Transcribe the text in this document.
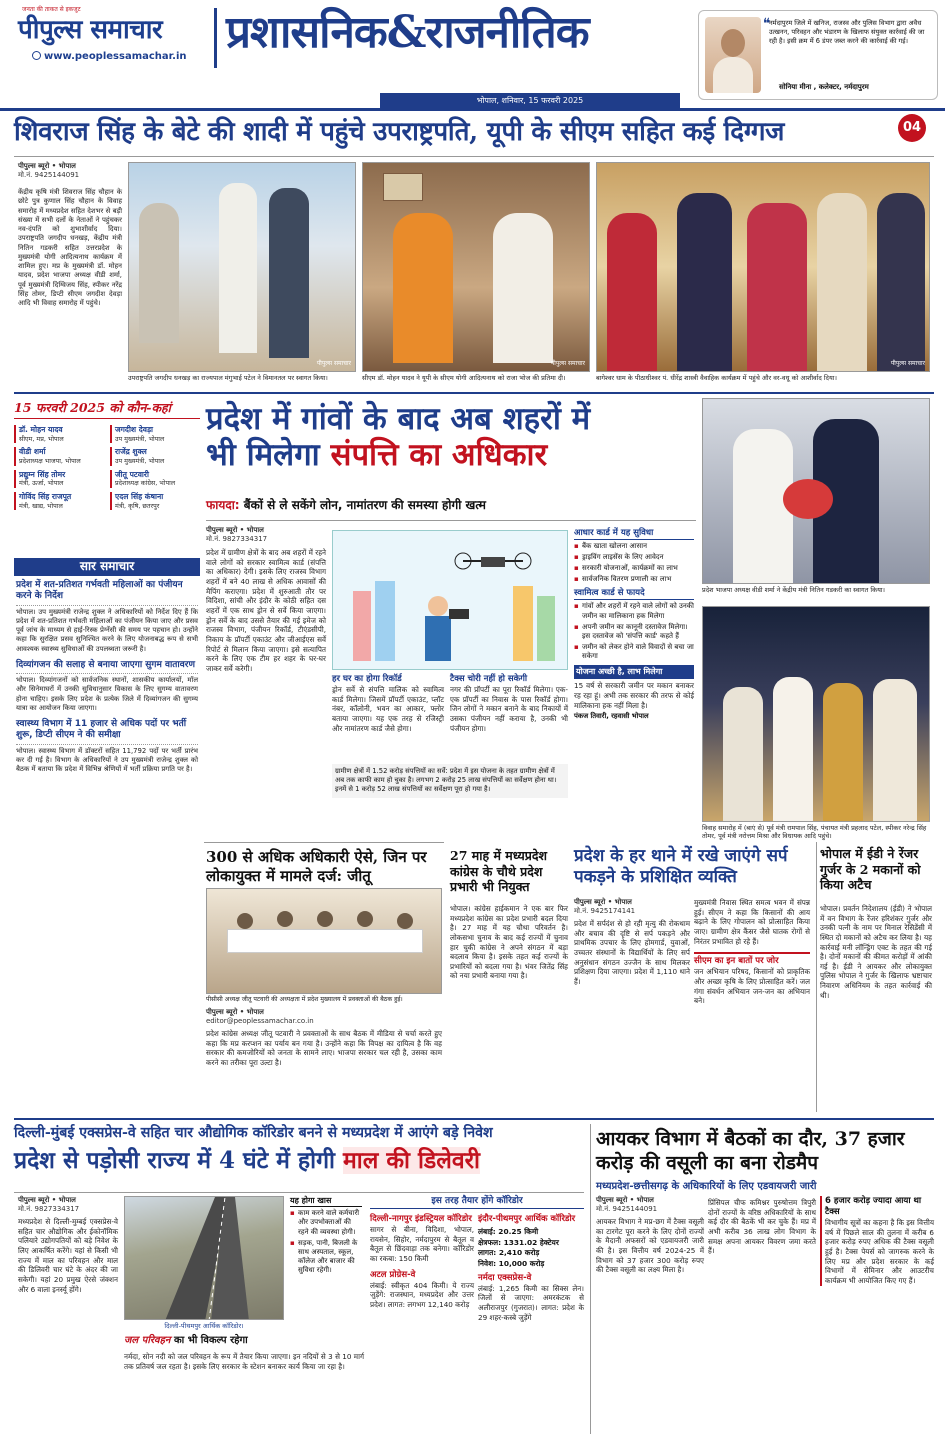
जनता की ताकत से इकजुट
पीपुल्स समाचार
www.peoplessamachar.in प्रशासनिक&राजनीतिक
भोपाल, शनिवार, 15 फरवरी 2025
04
❝
नर्मदापुरम जिले में खनिज, राजस्व और पुलिस विभाग द्वारा अवैध उत्खनन, परिवहन और भंडारण के खिलाफ संयुक्त कार्रवाई की जा रही है। इसी क्रम में 6 डंपर जब्त करने की कार्रवाई की गई।
सोनिया मीना , कलेक्टर, नर्मदापुरम
शिवराज सिंह के बेटे की शादी में पहुंचे उपराष्ट्रपति, यूपी के सीएम सहित कई दिग्गज
पीपुल्स ब्यूरो • भोपाल
मो.नं. 9425144091
केंद्रीय कृषि मंत्री शिवराज सिंह चौहान के छोटे पुत्र कुणाल सिंह चौहान के विवाह समारोह में मध्यप्रदेश सहित देशभर से बड़ी संख्या में सभी दलों के नेताओं ने पहुंचकर नव-दंपति को शुभाशीर्वाद दिया। उपराष्ट्रपति जगदीप धनखड़, केंद्रीय मंत्री नितिन गडकरी सहित उत्तरप्रदेश के मुख्यमंत्री योगी आदित्यनाथ कार्यक्रम में शामिल हुए। मप्र के मुख्यमंत्री डॉ. मोहन यादव, प्रदेश भाजपा अध्यक्ष वीडी शर्मा, पूर्व मुख्यमंत्री दिग्विजय सिंह, स्पीकर नरेंद्र सिंह तोमर, डिप्टी सीएम जगदीश देवड़ा आदि भी विवाह समारोह में पहुंचे।
पीपुल्स समाचार	पीपुल्स समाचार	पीपुल्स समाचार
उपराष्ट्रपति जगदीप धनखड़ का राज्यपाल मंगुभाई पटेल ने विमानतल पर स्वागत किया।	सीएम डॉ. मोहन यादव ने यूपी के सीएम योगी आदित्यनाथ को राजा भोज की प्रतिमा दी।	बागेश्वर धाम के पीठाधीश्वर पं. धीरेंद्र शास्त्री वैवाहिक कार्यक्रम में पहुंचे और वर-वधू को आशीर्वाद दिया।
15 फरवरी 2025 को कौन-कहां
डॉ. मोहन यादव
सीएम, मप्र, भोपाल
जगदीश देवड़ा
उप मुख्यमंत्री, भोपाल
वीडी शर्मा
प्रदेशाध्यक्ष भाजपा, भोपाल
राजेंद्र शुक्ल
उप मुख्यमंत्री, भोपाल
प्रद्युम्न सिंह तोमर
मंत्री, ऊर्जा, भोपाल
जीतू पटवारी
प्रदेशाध्यक्ष कांग्रेस, भोपाल
गोविंद सिंह राजपूत
मंत्री, खाद्य, भोपाल
एदल सिंह कंषाना
मंत्री, कृषि, छतरपुर
प्रदेश में गांवों के बाद अब शहरों में
भी मिलेगा संपत्ति का अधिकार
फायदा: बैंकों से ले सकेंगे लोन, नामांतरण की समस्या होगी खत्म
पीपुल्स ब्यूरो • भोपाल
मो.नं. 9827334317
प्रदेश में ग्रामीण क्षेत्रों के बाद अब शहरों में रहने वाले लोगों को सरकार स्वामित्व कार्ड (संपत्ति का अधिकार) देगी। इसके लिए राजस्व विभाग शहरों में बने 40 लाख से अधिक आवासों की मैपिंग कराएगा। प्रदेश में शुरुआती तौर पर विदिशा, सांची और इंदौर के कोठी सहित दस शहरों में एक साथ ड्रोन से सर्वे किया जाएगा। ड्रोन सर्वे के बाद उससे तैयार की गई इमेज को राजस्व विभाग, पंजीयन रिकॉर्ड, टीएंडसीपी, निकाय के प्रॉपर्टी एकाउंट और जीआईएस सर्वे रिपोर्ट से मिलान किया जाएगा। इसे सत्यापित करने के लिए एक टीम हर शहर के घर-घर जाकर सर्वे करेगी।
हर घर का होगा रिकॉर्ड
ड्रोन सर्वे से संपत्ति मालिक को स्वामित्व कार्ड मिलेगा। जिसमें प्रॉपर्टी एकाउंट, प्लॉट नंबर, कॉलोनी, भवन का आकार, फ्लोर बताया जाएगा। यह एक तरह से रजिस्ट्री और नामांतरण कार्ड जैसे होगा।
टैक्स चोरी नहीं हो सकेगी
नगर की प्रॉपर्टी का पूरा रिकॉर्ड मिलेगा। एक-एक प्रॉपर्टी का निवास के पास रिकॉर्ड होगा। जिन लोगों ने मकान बनाने के बाद निकायों में उसका पंजीयन नहीं कराया है, उनकी भी पंजीयन होगा।
ग्रामीण क्षेत्रों में 1.52 करोड़ संपत्तियों का सर्वे: प्रदेश में इस योजना के तहत ग्रामीण क्षेत्रों में अब तक काफी काम हो चुका है। लगभग 2 करोड़ 25 लाख संपत्तियों का सर्वेक्षण होना था। इनमें से 1 करोड़ 52 लाख संपत्तियों का सर्वेक्षण पूरा हो गया है।
आधार कार्ड में यह सुविधा
▪ बैंक खाता खोलना आसान
▪ ड्राइविंग लाइसेंस के लिए आवेदन
▪ सरकारी योजनाओं, कार्यक्रमों का लाभ
▪ सार्वजनिक वितरण प्रणाली का लाभ
स्वामित्व कार्ड से फायदे
▪ गांवों और शहरों में रहने वाले लोगों को उनकी जमीन का मालिकाना हक मिलेगा
▪ अपनी जमीन का कानूनी दस्तावेज मिलेगा। इस दस्तावेज को 'संपत्ति कार्ड' कहते हैं
▪ जमीन को लेकर होने वाले विवादों से बचा जा सकेगा
योजना अच्छी है, लाभ मिलेगा
15 वर्ष से सरकारी जमीन पर मकान बनाकर रह रहा हूं। अभी तक सरकार की तरफ से कोई मालिकाना हक नहीं मिला है।
पंकज तिवारी, रहवासी भोपाल
प्रदेश भाजपा अध्यक्ष वीडी शर्मा ने केंद्रीय मंत्री नितिन गडकरी का स्वागत किया।
विवाह समारोह में (बाएं से) पूर्व मंत्री रामपाल सिंह, पंचायत मंत्री प्रहलाद पटेल, स्पीकर नरेन्द्र सिंह तोमर, पूर्व मंत्री नरोत्तम मिश्रा और विधायक आदि पहुंचे।
सार समाचार
प्रदेश में शत-प्रतिशत गर्भवती महिलाओं का पंजीयन करने के निर्देश
भोपाल। उप मुख्यमंत्री राजेन्द्र शुक्ल ने अधिकारियों को निर्देश दिए हैं कि प्रदेश में शत-प्रतिशत गर्भवती महिलाओं का पंजीयन किया जाए और प्रसव पूर्व जांच के माध्यम से हाई-रिस्क प्रेग्नेंसी की समय पर पहचान हो। उन्होंने कहा कि सुरक्षित प्रसव सुनिश्चित करने के लिए योजनाबद्ध रूप से सभी आवश्यक स्वास्थ्य सुविधाओं की उपलब्धता जरूरी है।
दिव्यांगजन की सलाह से बनाया जाएगा सुगम वातावरण
भोपाल। दिव्यांगजनों को सार्वजनिक स्थानों, शासकीय कार्यालयों, मॉल और सिनेमाघरों में उनकी सुविधानुसार विकास के लिए सुगम्य वातावरण होना चाहिए। इसके लिए प्रदेश के प्रत्येक जिले में दिव्यांगजन की सुगम्य यात्रा का आयोजन किया जाएगा।
स्वास्थ्य विभाग में 11 हजार से अधिक पदों पर भर्ती शुरू, डिप्टी सीएम ने की समीक्षा
भोपाल। स्वास्थ्य विभाग में डॉक्टरों सहित 11,792 पदों पर भर्ती प्रारंभ कर दी गई है। विभाग के अधिकारियों ने उप मुख्यमंत्री राजेन्द्र शुक्ल को बैठक में बताया कि प्रदेश में विभिन्न श्रेणियों में भर्ती प्रक्रिया प्रगति पर है।
300 से अधिक अधिकारी ऐसे, जिन पर लोकायुक्त में मामले दर्ज: जीतू
पीसीसी अध्यक्ष जीतू पटवारी की अध्यक्षता में प्रदेश मुख्यालय में प्रवक्ताओं की बैठक हुई।
पीपुल्स ब्यूरो • भोपाल
editor@peoplessamachar.co.in
प्रदेश कांग्रेस अध्यक्ष जीतू पटवारी ने प्रवक्ताओं के साथ बैठक में मीडिया से चर्चा करते हुए कहा कि मप्र करप्शन का पर्याय बन गया है। उन्होंने कहा कि विपक्ष का दायित्व है कि वह सरकार की कमजोरियों को जनता के सामने लाए। भाजपा सरकार चल रही है, उसका काम करने का तरीका पूरा उल्टा है।
27 माह में मध्यप्रदेश कांग्रेस के चौथे प्रदेश प्रभारी भी नियुक्त
भोपाल। कांग्रेस हाईकमान ने एक बार फिर मध्यप्रदेश कांग्रेस का प्रदेश प्रभारी बदल दिया है। 27 माह में यह चौथा परिवर्तन है। लोकसभा चुनाव के बाद कई राज्यों में चुनाव हार चुकी कांग्रेस ने अपने संगठन में बड़ा बदलाव किया है। इसके तहत कई राज्यों के प्रभारियों को बदला गया है। भंवर जितेंद्र सिंह को नया प्रभारी बनाया गया है।
प्रदेश के हर थाने में रखे जाएंगे सर्प पकड़ने के प्रशिक्षित व्यक्ति
पीपुल्स ब्यूरो • भोपाल
मो.नं. 9425174141
प्रदेश में सर्पदंश से हो रही मृत्यु की रोकथाम और बचाव की दृष्टि से सर्प पकड़ने और प्राथमिक उपचार के लिए होमगार्ड, युवाओं, उच्चतर संस्थानों के विद्यार्थियों के लिए सर्प अनुसंधान संगठन उज्जैन के साथ मिलकर प्रशिक्षण दिया जाएगा। प्रदेश में 1,110 थाने हैं।
मुख्यमंत्री निवास स्थित समत्व भवन में संपन्न हुई। सीएम ने कहा कि किसानों की आय बढ़ाने के लिए गोपालन को प्रोत्साहित किया जाए। ग्रामीण क्षेत्र कैंसर जैसे घातक रोगों से निरंतर प्रभावित हो रहे हैं।
सीएम का इन बातों पर जोर
जन अभियान परिषद, किसानों को प्राकृतिक और अच्छा कृषि के लिए प्रोत्साहित करें। जल गंगा संवर्धन अभियान जन-जन का अभियान बने।
भोपाल में ईडी ने रेंजर गुर्जर के 2 मकानों को किया अटैच
भोपाल। प्रवर्तन निदेशालय (ईडी) ने भोपाल में वन विभाग के रेंजर हरिशंकर गुर्जर और उनकी पत्नी के नाम पर मिनाल रेसिडेंसी में स्थित दो मकानों को अटैच कर लिया है। यह कार्रवाई मनी लॉन्ड्रिंग एक्ट के तहत की गई है। दोनों मकानों की कीमत करोड़ों में आंकी गई है। ईडी ने आयकर और लोकायुक्त पुलिस भोपाल ने गुर्जर के खिलाफ भ्रष्टाचार निवारण अधिनियम के तहत कार्रवाई की थी।
दिल्ली-मुंबई एक्सप्रेस-वे सहित चार औद्योगिक कॉरिडोर बनने से मध्यप्रदेश में आएंगे बड़े निवेश
प्रदेश से पड़ोसी राज्य में 4 घंटे में होगी माल की डिलेवरी
पीपुल्स ब्यूरो • भोपाल
मो.नं. 9827334317
मध्यप्रदेश से दिल्ली-मुम्बई एक्सप्रेस-वे सहित चार औद्योगिक और ईकोनॉमिक पलियारे उद्योगपतियों को बड़े निवेश के लिए आकर्षित करेंगे। यहां से किसी भी राज्य में माल का परिवहन और माल की डिलिवरी चार घंटे के अंदर की जा सकेगी। यहां 20 प्रमुख ऐरसे जंक्शन और 6 वाला इनर्स्यू होंगे।
दिल्ली-पीथमपुर आर्थिक कॉरिडोर।
यह होगा खास
▪ काम करने वाले कर्मचारी और उपभोक्ताओं की रहने की व्यवस्था होगी।
▪ सड़क, पानी, बिजली के साथ अस्पताल, स्कूल, कॉलेज और बाजार की सुविधा रहेगी।
जल परिवहन का भी विकल्प रहेगा
नर्मदा, सोन नदी को जल परिवहन के रूप में तैयार किया जाएगा। इन नदियों से 3 से 10 मार्ग तक प्रतिवर्ष जल रहता है। इसके लिए सरकार के स्टेशन बनाकर कार्य किया जा रहा है।
इस तरह तैयार होंगे कॉरिडोर
दिल्ली-नागपुर इंडस्ट्रियल कॉरिडोर
सागर से बीना, विदिशा, भोपाल, रायसेन, सिहोर, नर्मदापुरम से बैतूल व बैतूल से छिंदवाड़ा तक बनेगा। कॉरिडोर का रकबा: 150 किमी
अटल प्रोग्रेस-वे
लंबाई: स्वीकृत 404 किमी। ये राज्य जुड़ेंगे: राजस्थान, मध्यप्रदेश और उत्तर प्रदेश। लागत: लगभग 12,140 करोड़
इंदौर-पीथमपुर आर्थिक कॉरिडोर
लंबाई: 20.25 किमी
क्षेत्रफल: 1331.02 हेक्टेयर
लागत: 2,410 करोड़
निवेश: 10,000 करोड़
नर्मदा एक्सप्रेस-वे
लंबाई: 1,265 किमी का सिक्स लेन। जिलों से जाएगा: अमरकंटक से अलीराजपुर (गुजरात)। लागत: प्रदेश के 29 शहर-कस्बे जुड़ेंगे
आयकर विभाग में बैठकों का दौर, 37 हजार करोड़ की वसूली का बना रोडमैप
मध्यप्रदेश-छत्तीसगढ़ के अधिकारियों के लिए एडवायजरी जारी
पीपुल्स ब्यूरो • भोपाल
मो.नं. 9425144091
आयकर विभाग ने मप्र-छग में टैक्स वसूली का टारगेट पूरा करने के लिए दोनों राज्यों के मैदानी अफसरों को एडवायजरी जारी की है। इस वित्तीय वर्ष 2024-25 में विभाग को 37 हजार 300 करोड़ रुपए की टैक्स वसूली का लक्ष्य मिला है।
प्रिंसिपल चीफ कमिश्नर पुरुषोत्तम त्रिपुरी दोनों राज्यों के वरिष्ठ अधिकारियों के साथ कई दौर की बैठकें भी कर चुके हैं। मप्र में अभी करीब 36 लाख लोग विभाग के समक्ष अपना आयकर विवरण जमा करते हैं।
6 हजार करोड़ ज्यादा आया था टैक्स
विभागीय सूत्रों का कहना है कि इस वित्तीय वर्ष में पिछले साल की तुलना में करीब 6 हजार करोड़ रुपए अधिक की टैक्स वसूली हुई है। टैक्स पेयर्स को जागरुक करने के लिए मप्र और प्रदेश सरकार के कई विभागों में सेमिनार और आउटरीच कार्यक्रम भी आयोजित किए गए हैं।
